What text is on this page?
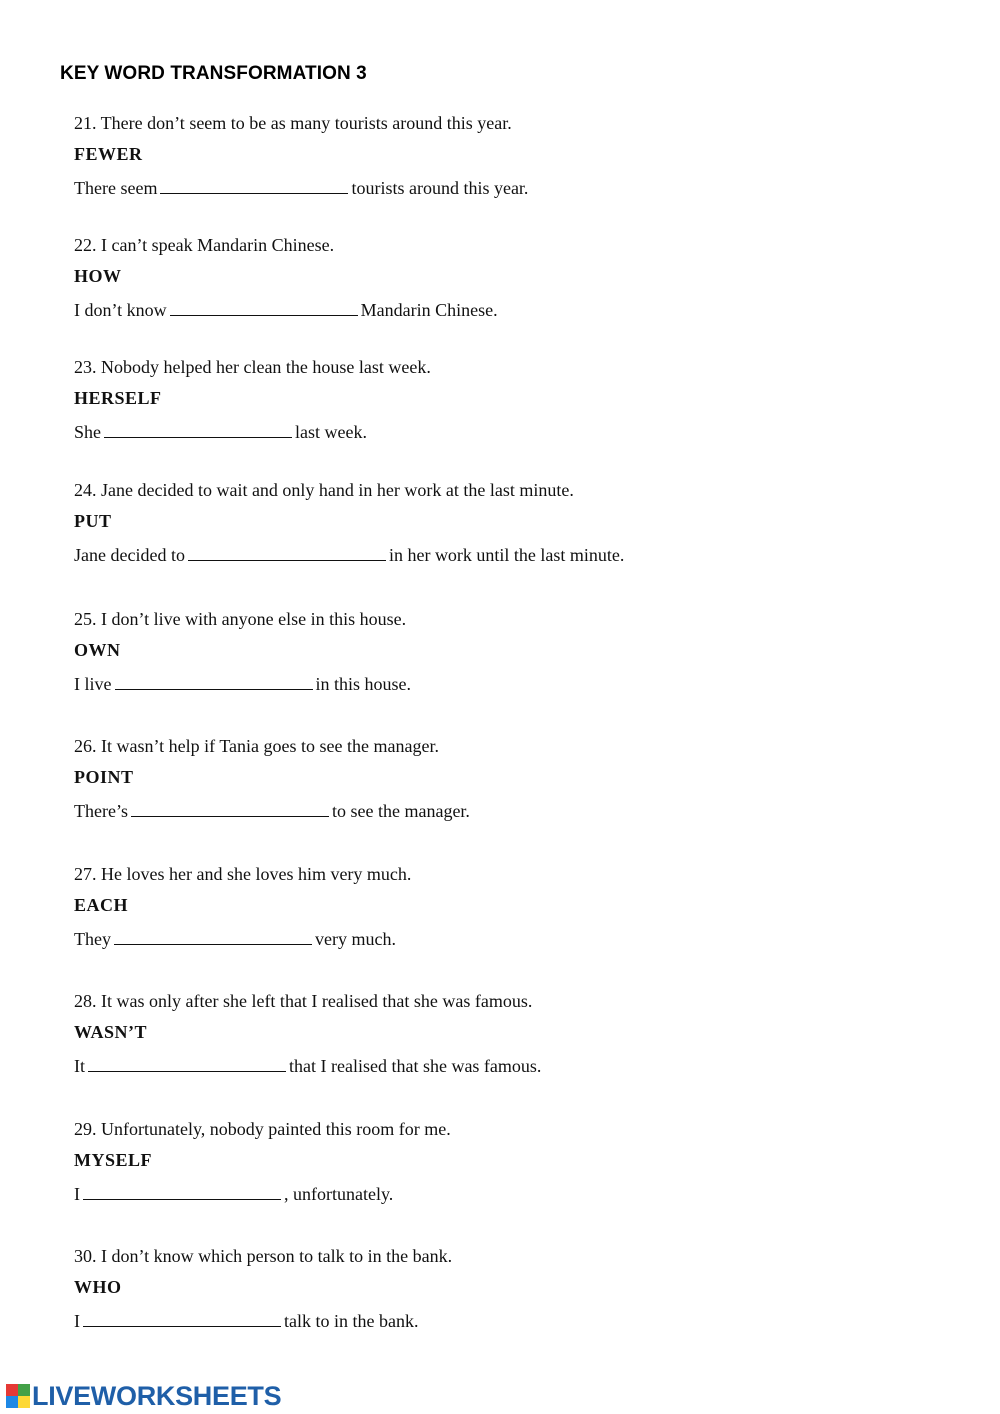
KEY WORD TRANSFORMATION 3
21. There don’t seem to be as many tourists around this year.
FEWER
There seem	tourists around this year.
22. I can’t speak Mandarin Chinese.
HOW
I don’t know	Mandarin Chinese.
23. Nobody helped her clean the house last week.
HERSELF
She	last week.
24. Jane decided to wait and only hand in her work at the last minute.
PUT
Jane decided to	in her work until the last minute.
25. I don’t live with anyone else in this house.
OWN
I live	in this house.
26. It wasn’t help if Tania goes to see the manager.
POINT
There’s	to see the manager.
27. He loves her and she loves him very much.
EACH
They	very much.
28. It was only after she left that I realised that she was famous.
WASN’T
It	that I realised that she was famous.
29. Unfortunately, nobody painted this room for me.
MYSELF
I	, unfortunately.
30. I don’t know which person to talk to in the bank.
WHO
I	talk to in the bank.
LIVEWORKSHEETS
